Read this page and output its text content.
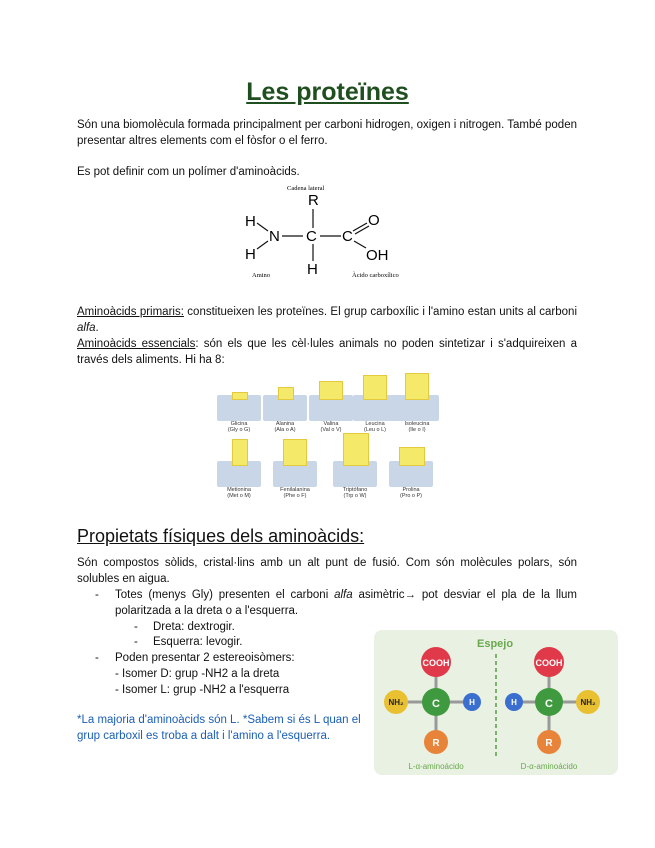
Les proteïnes
Són una biomolècula formada principalment per carboni hidrogen, oxigen i nitrogen. També poden presentar altres elements com el fòsfor o el ferro.
Es pot definir com un polímer d'aminoàcids.
Cadena lateral
R
H
H
N C
H
C
O
OH
Amino	Àcido carboxílico
Aminoàcids primaris: constitueixen les proteïnes. El grup carboxílic i l'amino estan units al carboni alfa.
Aminoàcids essencials: són els que les cèl·lules animals no poden sintetizar i s'adquireixen a través dels aliments. Hi ha 8:
Glicina
(Gly o G)
Alanina
(Ala o A)
Valina
(Val o V)
Leucina
(Leu o L)
Isoleucina
(Ile o I)
Metionina
(Met o M)
Fenilalanina
(Phe o F)
Triptófano
(Trp o W)
Prolina
(Pro o P)
Propietats físiques dels aminoàcids:
Són compostos sòlids, cristal·lins amb un alt punt de fusió. Com són molècules polars, són solubles en aigua.
- Totes (menys Gly) presenten el carboni alfa asimètric→ pot desviar el pla de la llum polaritzada a la dreta o a l'esquerra.
- Dreta: dextrogir.
- Esquerra: levogir.
- Poden presentar 2 estereoisòmers:
- Isomer D: grup -NH2 a la dreta
- Isomer L: grup -NH2 a l'esquerra
*La majoria d'aminoàcids són L. *Sabem si és L quan el grup carboxil es troba a dalt i l'amino a l'esquerra.
Espejo
COOH
NH₂	C	H
R
COOH
H	C	NH₂
R
L-α-aminoácido	D-α-aminoácido
